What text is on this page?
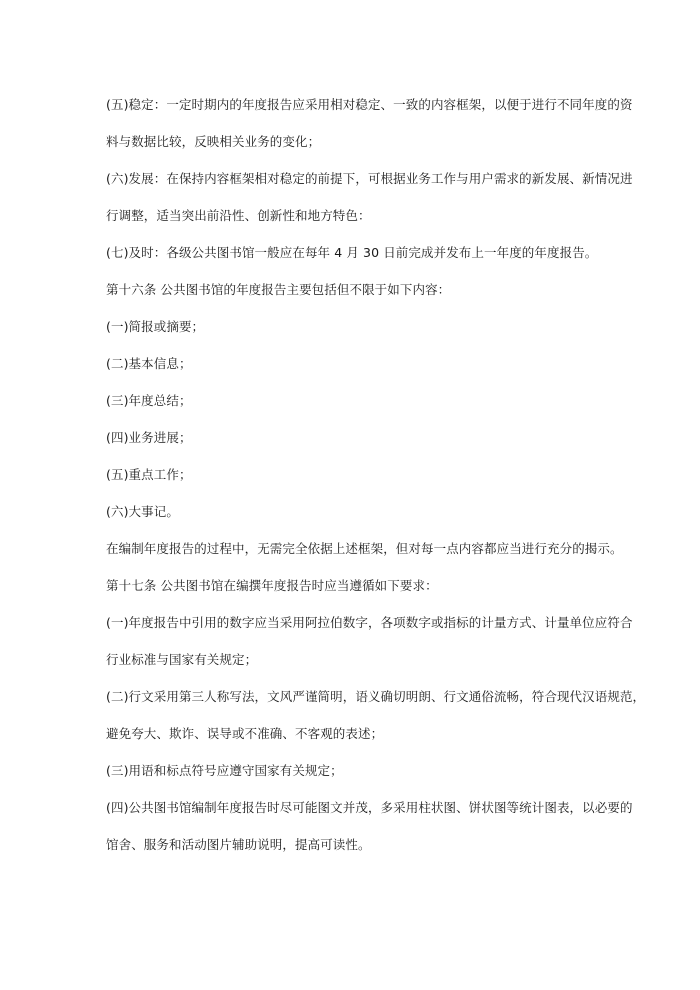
(五)稳定：一定时期内的年度报告应采用相对稳定、一致的内容框架，以便于进行不同年度的资
料与数据比较，反映相关业务的变化；
(六)发展：在保持内容框架相对稳定的前提下，可根据业务工作与用户需求的新发展、新情况进
行调整，适当突出前沿性、创新性和地方特色：
(七)及时：各级公共图书馆一般应在每年 4 月 30 日前完成并发布上一年度的年度报告。
第十六条 公共图书馆的年度报告主要包括但不限于如下内容：
(一)简报或摘要；
(二)基本信息；
(三)年度总结；
(四)业务进展；
(五)重点工作；
(六)大事记。
在编制年度报告的过程中，无需完全依据上述框架，但对每一点内容都应当进行充分的揭示。
第十七条 公共图书馆在编撰年度报告时应当遵循如下要求：
(一)年度报告中引用的数字应当采用阿拉伯数字，各项数字或指标的计量方式、计量单位应符合
行业标准与国家有关规定；
(二)行文采用第三人称写法，文风严谨简明，语义确切明朗、行文通俗流畅，符合现代汉语规范，
避免夸大、欺诈、误导或不准确、不客观的表述；
(三)用语和标点符号应遵守国家有关规定；
(四)公共图书馆编制年度报告时尽可能图文并茂，多采用柱状图、饼状图等统计图表，以必要的
馆舍、服务和活动图片辅助说明，提高可读性。
